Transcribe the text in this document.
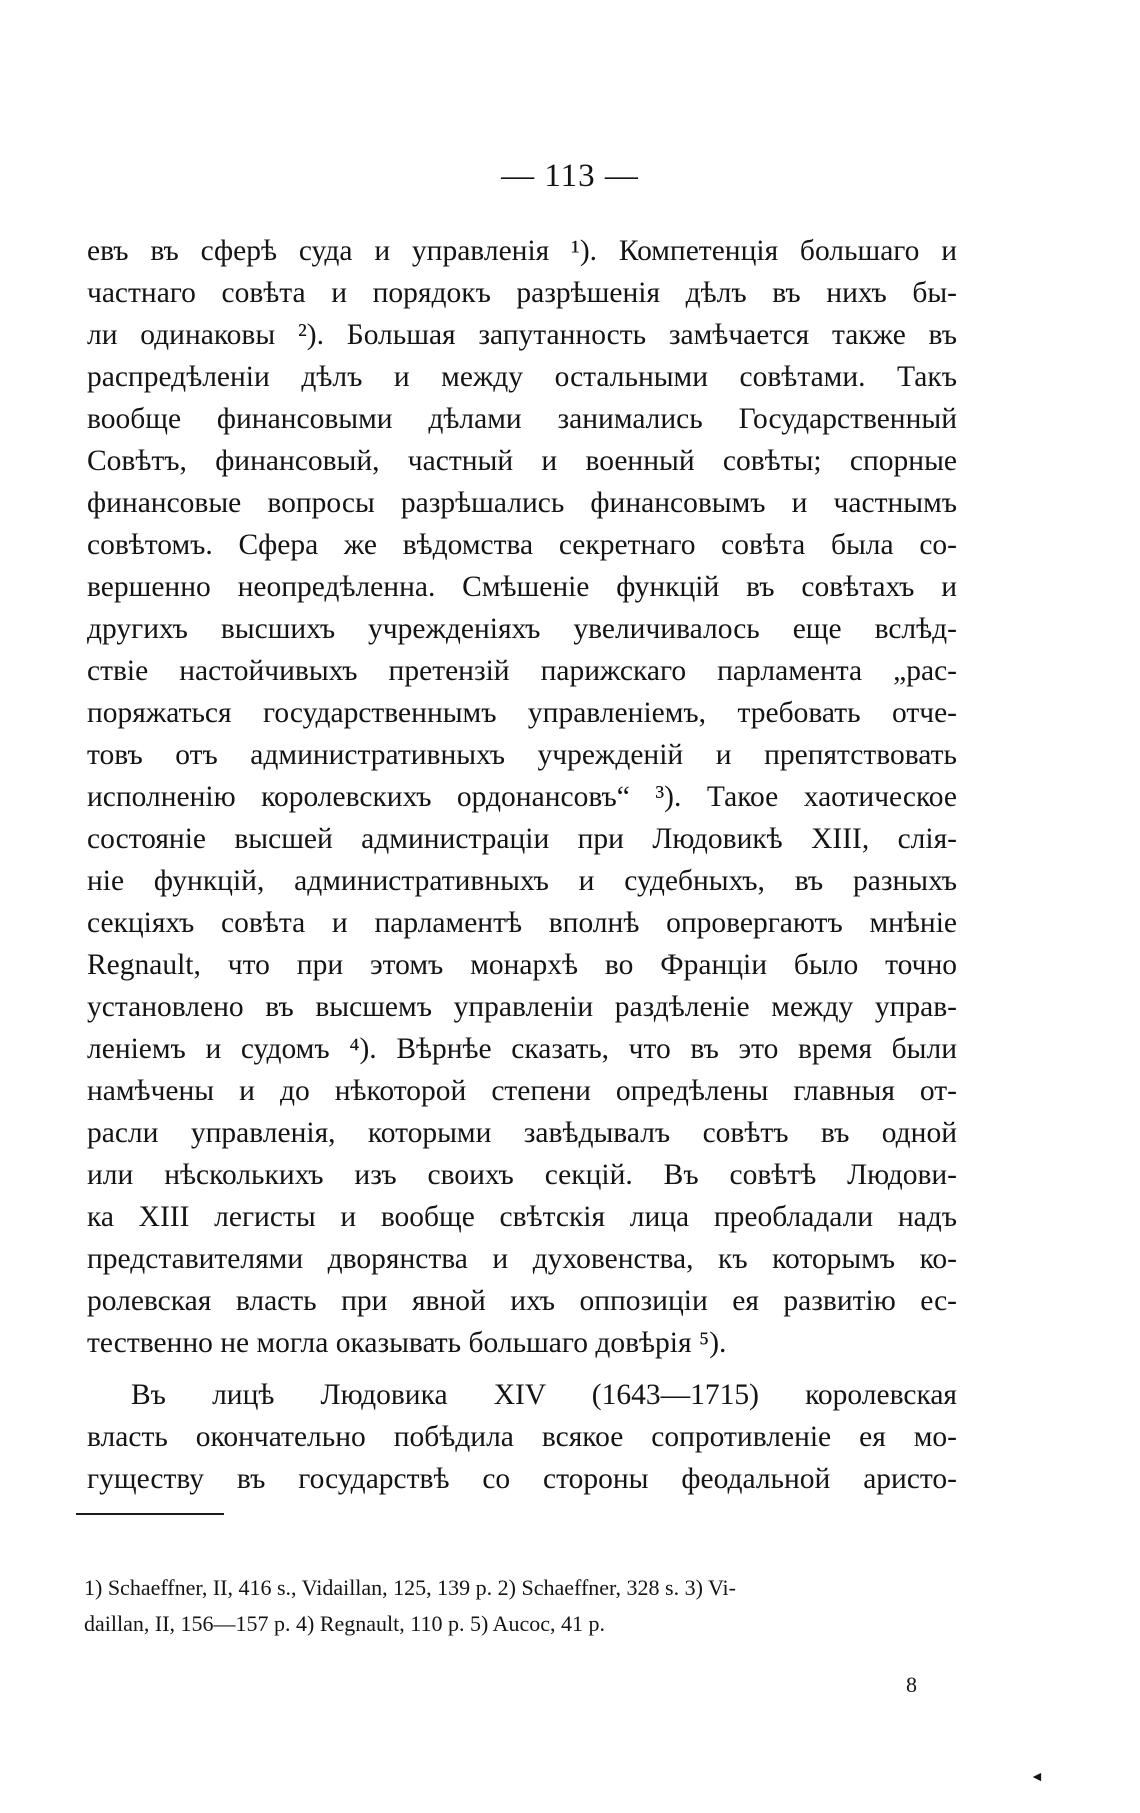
— 113 —
евъ въ сферѣ суда и управленія ¹). Компетенція большаго и
частнаго совѣта и порядокъ разрѣшенія дѣлъ въ нихъ бы-
ли одинаковы ²). Большая запутанность замѣчается также въ
распредѣленіи дѣлъ и между остальными совѣтами. Такъ
вообще финансовыми дѣлами занимались Государственный
Совѣтъ, финансовый, частный и военный совѣты; спорные
финансовые вопросы разрѣшались финансовымъ и частнымъ
совѣтомъ. Сфера же вѣдомства секретнаго совѣта была со-
вершенно неопредѣленна. Смѣшеніе функцій въ совѣтахъ и
другихъ высшихъ учрежденіяхъ увеличивалось еще вслѣд-
ствіе настойчивыхъ претензій парижскаго парламента „рас-
поряжаться государственнымъ управленіемъ, требовать отче-
товъ отъ административныхъ учрежденій и препятствовать
исполненію королевскихъ ордонансовъ“ ³). Такое хаотическое
состояніе высшей администраціи при Людовикѣ XIII, слія-
ніе функцій, административныхъ и судебныхъ, въ разныхъ
секціяхъ совѣта и парламентѣ вполнѣ опровергаютъ мнѣніе
Regnault, что при этомъ монархѣ во Франціи было точно
установлено въ высшемъ управленіи раздѣленіе между управ-
леніемъ и судомъ ⁴). Вѣрнѣе сказать, что въ это время были
намѣчены и до нѣкоторой степени опредѣлены главныя от-
расли управленія, которыми завѣдывалъ совѣтъ въ одной
или нѣсколькихъ изъ своихъ секцій. Въ совѣтѣ Людови-
ка XIII легисты и вообще свѣтскія лица преобладали надъ
представителями дворянства и духовенства, къ которымъ ко-
ролевская власть при явной ихъ оппозиціи ея развитію ес-
тественно не могла оказывать большаго довѣрія ⁵).
Въ лицѣ Людовика XIV (1643—1715) королевская
власть окончательно побѣдила всякое сопротивленіе ея мо-
гуществу въ государствѣ со стороны феодальной аристо-
1) Schaeffner, II, 416 s., Vidaillan, 125, 139 p. 2) Schaeffner, 328 s. 3) Vi-
daillan, II, 156—157 p. 4) Regnault, 110 p. 5) Aucoc, 41 p.
8
◄
